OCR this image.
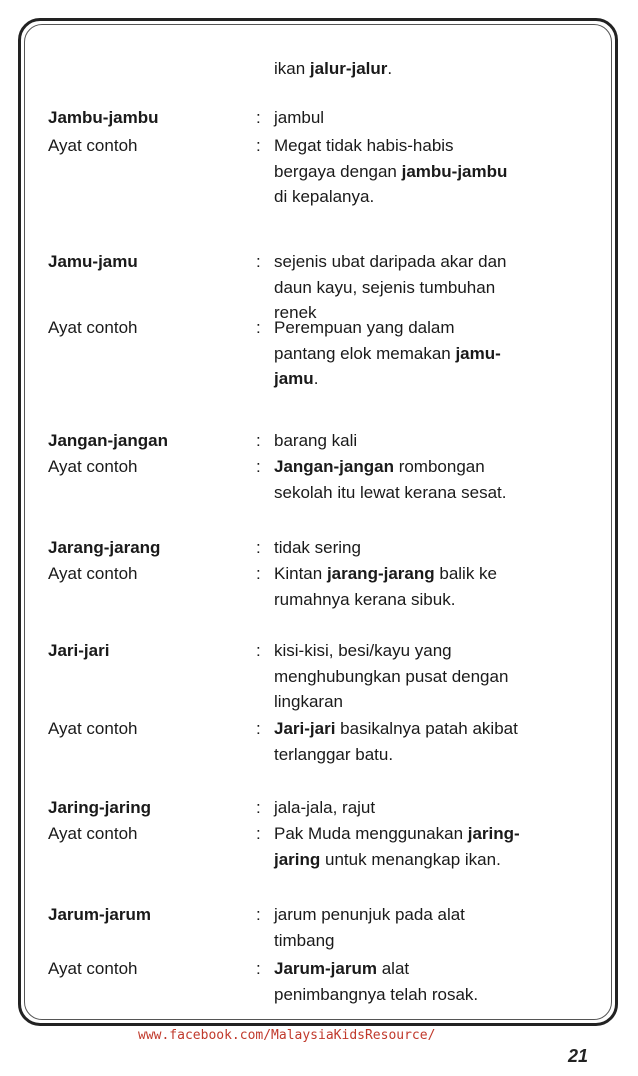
ikan jalur-jalur.
Jambu-jambu	: jambul
Ayat contoh	: Megat tidak habis-habis
bergaya dengan jambu-jambu
di kepalanya.
Jamu-jamu	: sejenis ubat daripada akar dan
daun kayu, sejenis tumbuhan
renek
Ayat contoh	: Perempuan yang dalam
pantang elok memakan jamu-
jamu.
Jangan-jangan	: barang kali
Ayat contoh	: Jangan-jangan rombongan
sekolah itu lewat kerana sesat.
Jarang-jarang	: tidak sering
Ayat contoh	: Kintan jarang-jarang balik ke
rumahnya kerana sibuk.
Jari-jari	: kisi-kisi, besi/kayu yang
menghubungkan pusat dengan
lingkaran
Ayat contoh	: Jari-jari basikalnya patah akibat
terlanggar batu.
Jaring-jaring	: jala-jala, rajut
Ayat contoh	: Pak Muda menggunakan jaring-
jaring untuk menangkap ikan.
Jarum-jarum	: jarum penunjuk pada alat
timbang
Ayat contoh	: Jarum-jarum alat
penimbangnya telah rosak.
www.facebook.com/MalaysiaKidsResource/
21
